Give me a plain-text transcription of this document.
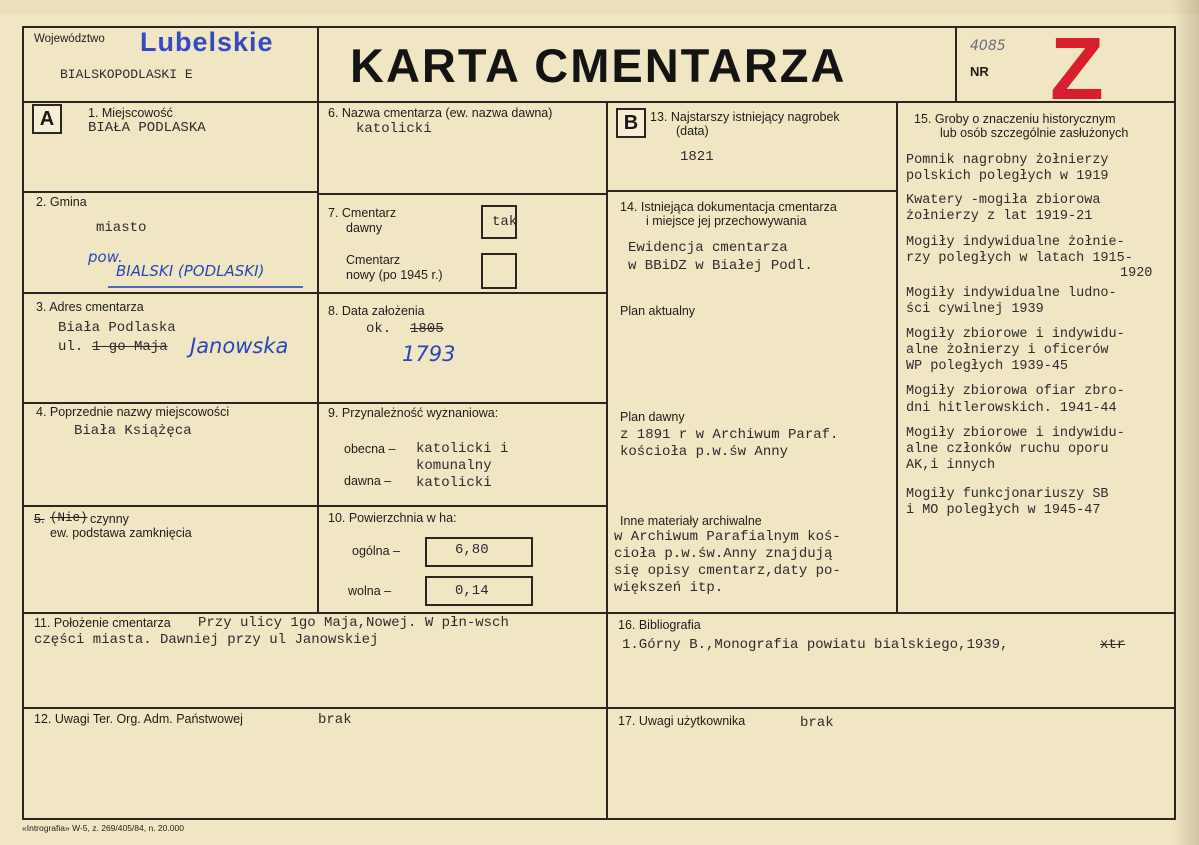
Województwo Lubelskie
BIALSKOPODLASKI E	KARTA CMENTARZA	4085
NR Z
A	1. Miejscowość
BIAŁA PODLASKA
2. Gmina
miasto
pow.
BIALSKI (PODLASKI)
3. Adres cmentarza
Biała Podlaska
ul. 1-go Maja Janowska
4. Poprzednie nazwy miejscowości
Biała Książęca
5. (Nie) czynny
ew. podstawa zamknięcia
6. Nazwa cmentarza (ew. nazwa dawna)
katolicki
7. Cmentarz
dawny	tak
Cmentarz
nowy (po 1945 r.)
8. Data założenia
ok. 1805
1793
9. Przynależność wyznaniowa:
obecna – katolicki i
komunalny
dawna – katolicki
10. Powierzchnia w ha:
ogólna –	6,80
wolna –	0,14
B 13. Najstarszy istniejący nagrobek
(data)
1821
14. Istniejąca dokumentacja cmentarza
i miejsce jej przechowywania
Ewidencja cmentarza
w BBiDZ w Białej Podl.
Plan aktualny
Plan dawny
z 1891 r w Archiwum Paraf.
kościoła p.w.św Anny
Inne materiały archiwalne
w Archiwum Parafialnym koś-
cioła p.w.św.Anny znajdują
się opisy cmentarz,daty po-
większeń itp.
15. Groby o znaczeniu historycznym
lub osób szczególnie zasłużonych
Pomnik nagrobny żołnierzy
polskich poległych w 1919
Kwatery -mogiła zbiorowa
żołnierzy z lat 1919-21
Mogiły indywidualne żołnie-
rzy poległych w latach 1915-
1920
Mogiły indywidualne ludno-
ści cywilnej 1939
Mogiły zbiorowe i indywidu-
alne żołnierzy i oficerów
WP poległych 1939-45
Mogiły zbiorowa ofiar zbro-
dni hitlerowskich. 1941-44
Mogiły zbiorowe i indywidu-
alne członków ruchu oporu
AK,i innych
Mogiły funkcjonariuszy SB
i MO poległych w 1945-47
11. Położenie cmentarza Przy ulicy 1go Maja,Nowej. W płn-wsch
części miasta. Dawniej przy ul Janowskiej
16. Bibliografia
1.Górny B.,Monografia powiatu bialskiego,1939,	xtr
12. Uwagi Ter. Org. Adm. Państwowej	brak	17. Uwagi użytkownika	brak
«Intrografia» W-5, z. 269/405/84, n. 20.000
